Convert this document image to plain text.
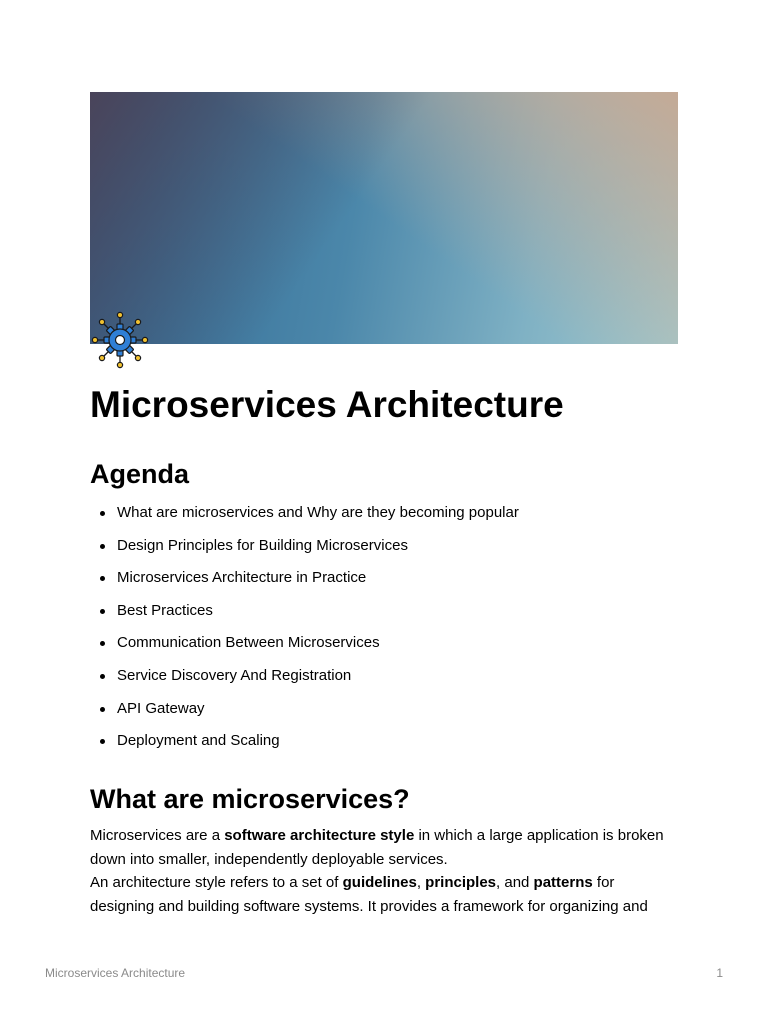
Microservices Architecture
Agenda
What are microservices and Why are they becoming popular
Design Principles for Building Microservices
Microservices Architecture in Practice
Best Practices
Communication Between Microservices
Service Discovery And Registration
API Gateway
Deployment and Scaling
What are microservices?

Microservices are a software architecture style in which a large application is broken down into smaller, independently deployable services.

An architecture style refers to a set of guidelines, principles, and patterns for designing and building software systems. It provides a framework for organizing and

Microservices Architecture	1
